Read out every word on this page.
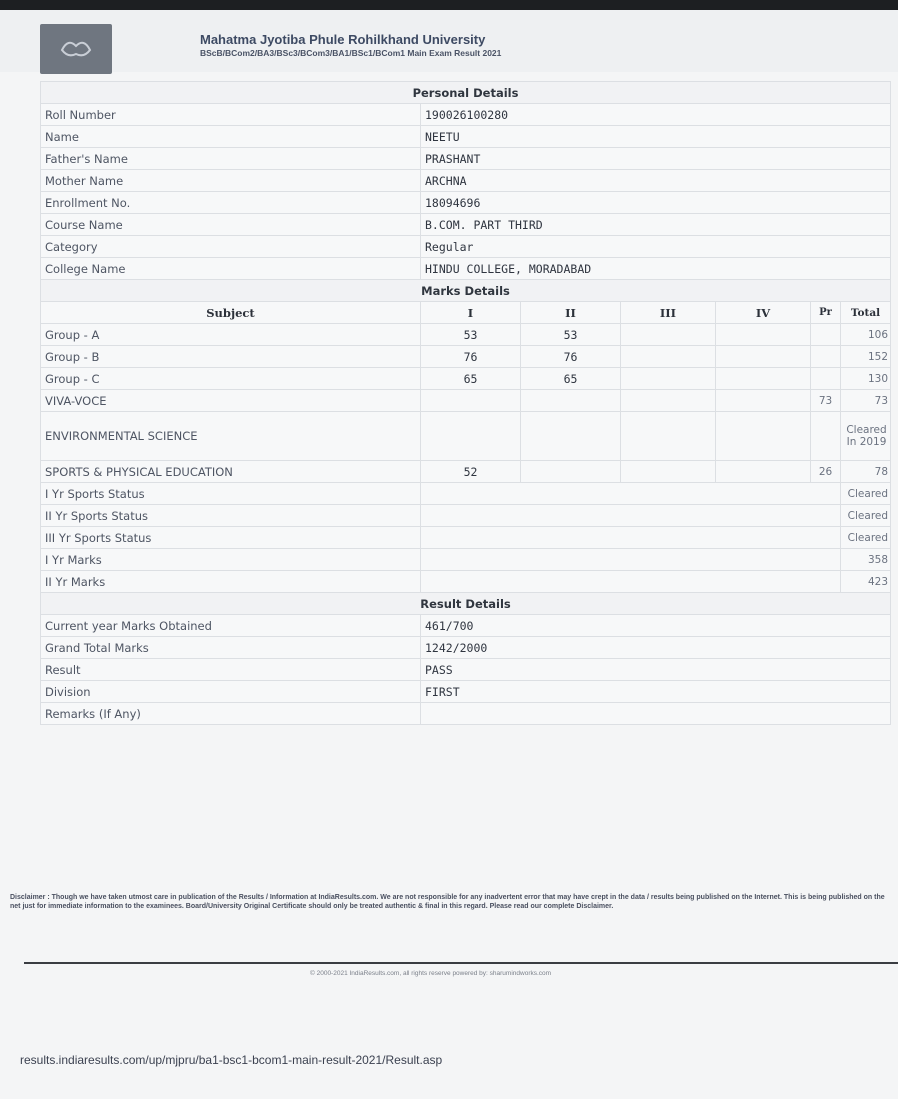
Mahatma Jyotiba Phule Rohilkhand University
BScB/BCom2/BA3/BSc3/BCom3/BA1/BSc1/BCom1 Main Exam Result 2021
Personal Details						
Roll Number	190026100280					
Name	NEETU					
Father's Name	PRASHANT					
Mother Name	ARCHNA					
Enrollment No.	18094696					
Course Name	B.COM. PART THIRD					
Category	Regular					
College Name	HINDU COLLEGE, MORADABAD					
Marks Details						
Subject	I	II	III	IV	Pr	Total
Group - A	53	53				106
Group - B	76	76				152
Group - C	65	65				130
VIVA-VOCE					73	73
ENVIRONMENTAL SCIENCE						Cleared In 2019
SPORTS & PHYSICAL EDUCATION	52				26	78
I Yr Sports Status						Cleared
II Yr Sports Status						Cleared
III Yr Sports Status						Cleared
I Yr Marks						358
II Yr Marks						423
Result Details						
Current year Marks Obtained	461/700					
Grand Total Marks	1242/2000					
Result	PASS					
Division	FIRST					
Remarks (If Any)						
Disclaimer : Though we have taken utmost care in publication of the Results / Information at IndiaResults.com. We are not responsible for any inadvertent error that may have crept in the data / results being published on the Internet. This is being published on the net just for immediate information to the examinees. Board/University Original Certificate should only be treated authentic & final in this regard. Please read our complete Disclaimer.
© 2000-2021 IndiaResults.com, all rights reserve powered by: sharumindworks.com
results.indiaresults.com/up/mjpru/ba1-bsc1-bcom1-main-result-2021/Result.asp
